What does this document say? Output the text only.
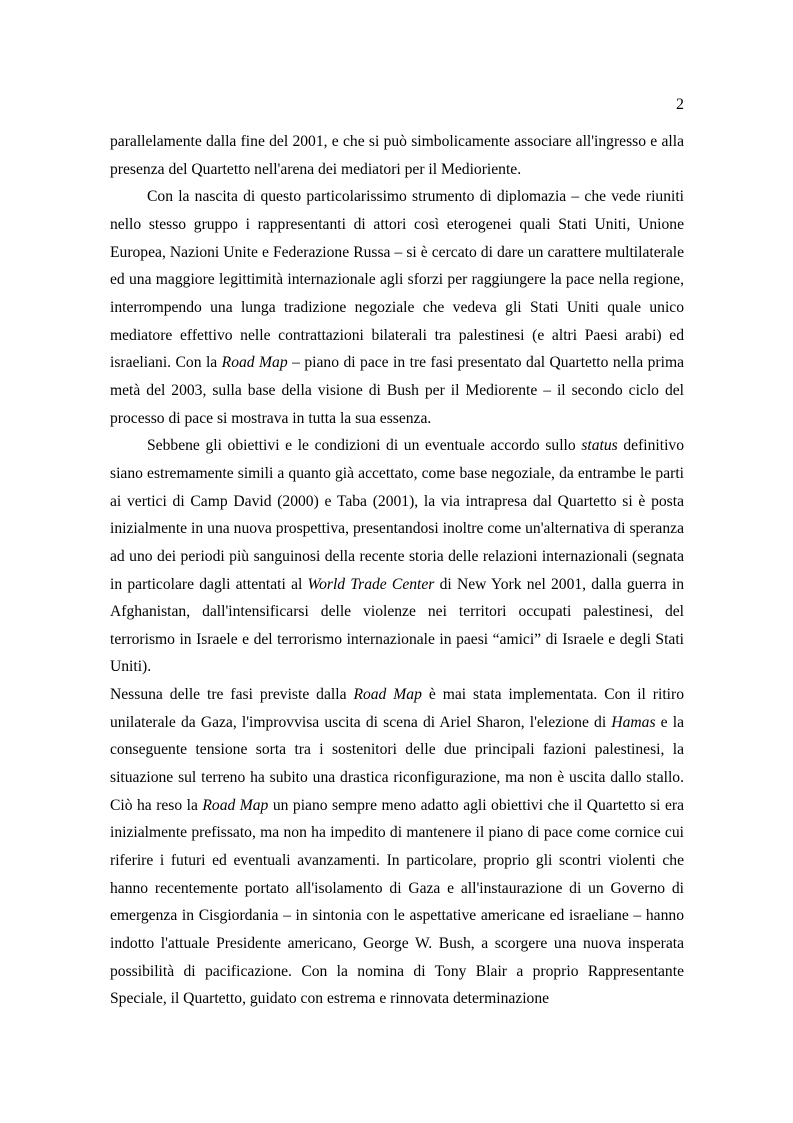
2

parallelamente dalla fine del 2001, e che si può simbolicamente associare all'ingresso e alla presenza del Quartetto nell'arena dei mediatori per il Medioriente.

Con la nascita di questo particolarissimo strumento di diplomazia – che vede riuniti nello stesso gruppo i rappresentanti di attori così eterogenei quali Stati Uniti, Unione Europea, Nazioni Unite e Federazione Russa – si è cercato di dare un carattere multilaterale ed una maggiore legittimità internazionale agli sforzi per raggiungere la pace nella regione, interrompendo una lunga tradizione negoziale che vedeva gli Stati Uniti quale unico mediatore effettivo nelle contrattazioni bilaterali tra palestinesi (e altri Paesi arabi) ed israeliani. Con la Road Map – piano di pace in tre fasi presentato dal Quartetto nella prima metà del 2003, sulla base della visione di Bush per il Mediorente – il secondo ciclo del processo di pace si mostrava in tutta la sua essenza.

Sebbene gli obiettivi e le condizioni di un eventuale accordo sullo status definitivo siano estremamente simili a quanto già accettato, come base negoziale, da entrambe le parti ai vertici di Camp David (2000) e Taba (2001), la via intrapresa dal Quartetto si è posta inizialmente in una nuova prospettiva, presentandosi inoltre come un'alternativa di speranza ad uno dei periodi più sanguinosi della recente storia delle relazioni internazionali (segnata in particolare dagli attentati al World Trade Center di New York nel 2001, dalla guerra in Afghanistan, dall'intensificarsi delle violenze nei territori occupati palestinesi, del terrorismo in Israele e del terrorismo internazionale in paesi “amici” di Israele e degli Stati Uniti).

Nessuna delle tre fasi previste dalla Road Map è mai stata implementata. Con il ritiro unilaterale da Gaza, l'improvvisa uscita di scena di Ariel Sharon, l'elezione di Hamas e la conseguente tensione sorta tra i sostenitori delle due principali fazioni palestinesi, la situazione sul terreno ha subito una drastica riconfigurazione, ma non è uscita dallo stallo. Ciò ha reso la Road Map un piano sempre meno adatto agli obiettivi che il Quartetto si era inizialmente prefissato, ma non ha impedito di mantenere il piano di pace come cornice cui riferire i futuri ed eventuali avanzamenti. In particolare, proprio gli scontri violenti che hanno recentemente portato all'isolamento di Gaza e all'instaurazione di un Governo di emergenza in Cisgiordania – in sintonia con le aspettative americane ed israeliane – hanno indotto l'attuale Presidente americano, George W. Bush, a scorgere una nuova insperata possibilità di pacificazione. Con la nomina di Tony Blair a proprio Rappresentante Speciale, il Quartetto, guidato con estrema e rinnovata determinazione
